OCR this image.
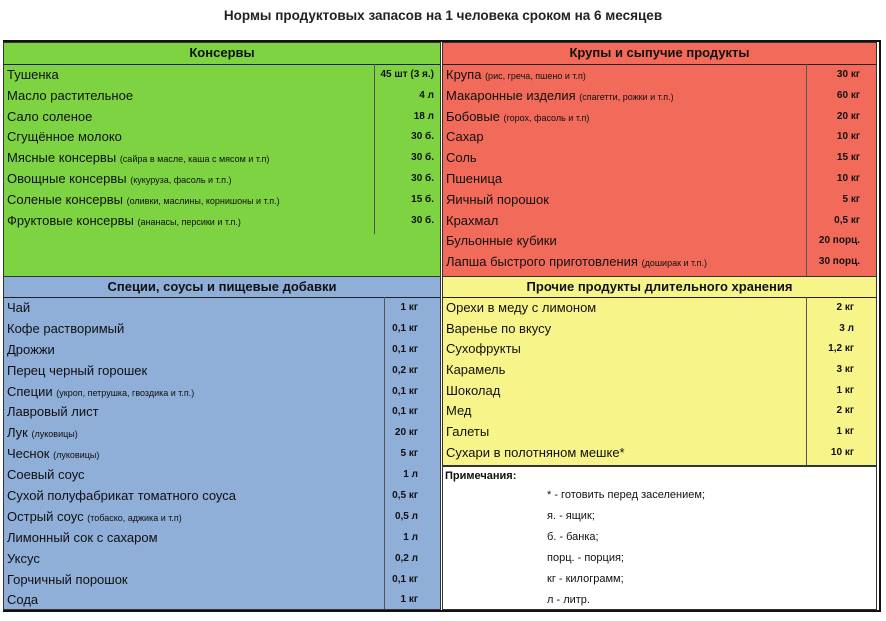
Нормы продуктовых запасов на 1 человека сроком на 6 месяцев
Консервы
Тушенка	45 шт (3 я.)
Масло растительное	4 л
Сало соленое	18 л
Сгущённое молоко	30 б.
Мясные консервы (сайра в масле, каша с мясом и т.п)	30 б.
Овощные консервы (кукуруза, фасоль и т.п.)	30 б.
Соленые консервы (оливки, маслины, корнишоны и т.п.)	15 б.
Фруктовые консервы (ананасы, персики и т.п.)	30 б.
Крупы и сыпучие продукты
Крупа (рис, греча, пшено и т.п)	30 кг
Макаронные изделия (спагетти, рожки и т.п.)	60 кг
Бобовые (горох, фасоль и т.п)	20 кг
Сахар	10 кг
Соль	15 кг
Пшеница	10 кг
Яичный порошок	5 кг
Крахмал	0,5 кг
Бульонные кубики	20 порц.
Лапша быстрого приготовления (доширак и т.п.)	30 порц.
Специи, соусы и пищевые добавки
Чай	1 кг
Кофе растворимый	0,1 кг
Дрожжи	0,1 кг
Перец черный горошек	0,2 кг
Специи (укроп, петрушка, гвоздика и т.п.)	0,1 кг
Лавровый лист	0,1 кг
Лук (луковицы)	20 кг
Чеснок (луковицы)	5 кг
Соевый соус	1 л
Сухой полуфабрикат томатного соуса	0,5 кг
Острый соус (тобаско, аджика и т.п)	0,5 л
Лимонный сок с сахаром	1 л
Уксус	0,2 л
Горчичный порошок	0,1 кг
Сода	1 кг
Прочие продукты длительного хранения
Орехи в меду с лимоном	2 кг
Варенье по вкусу	3 л
Сухофрукты	1,2 кг
Карамель	3 кг
Шоколад	1 кг
Мед	2 кг
Галеты	1 кг
Сухари в полотняном мешке*	10 кг
Примечания:
* - готовить перед заселением;
я. - ящик;
б. - банка;
порц. - порция;
кг - килограмм;
л - литр.
